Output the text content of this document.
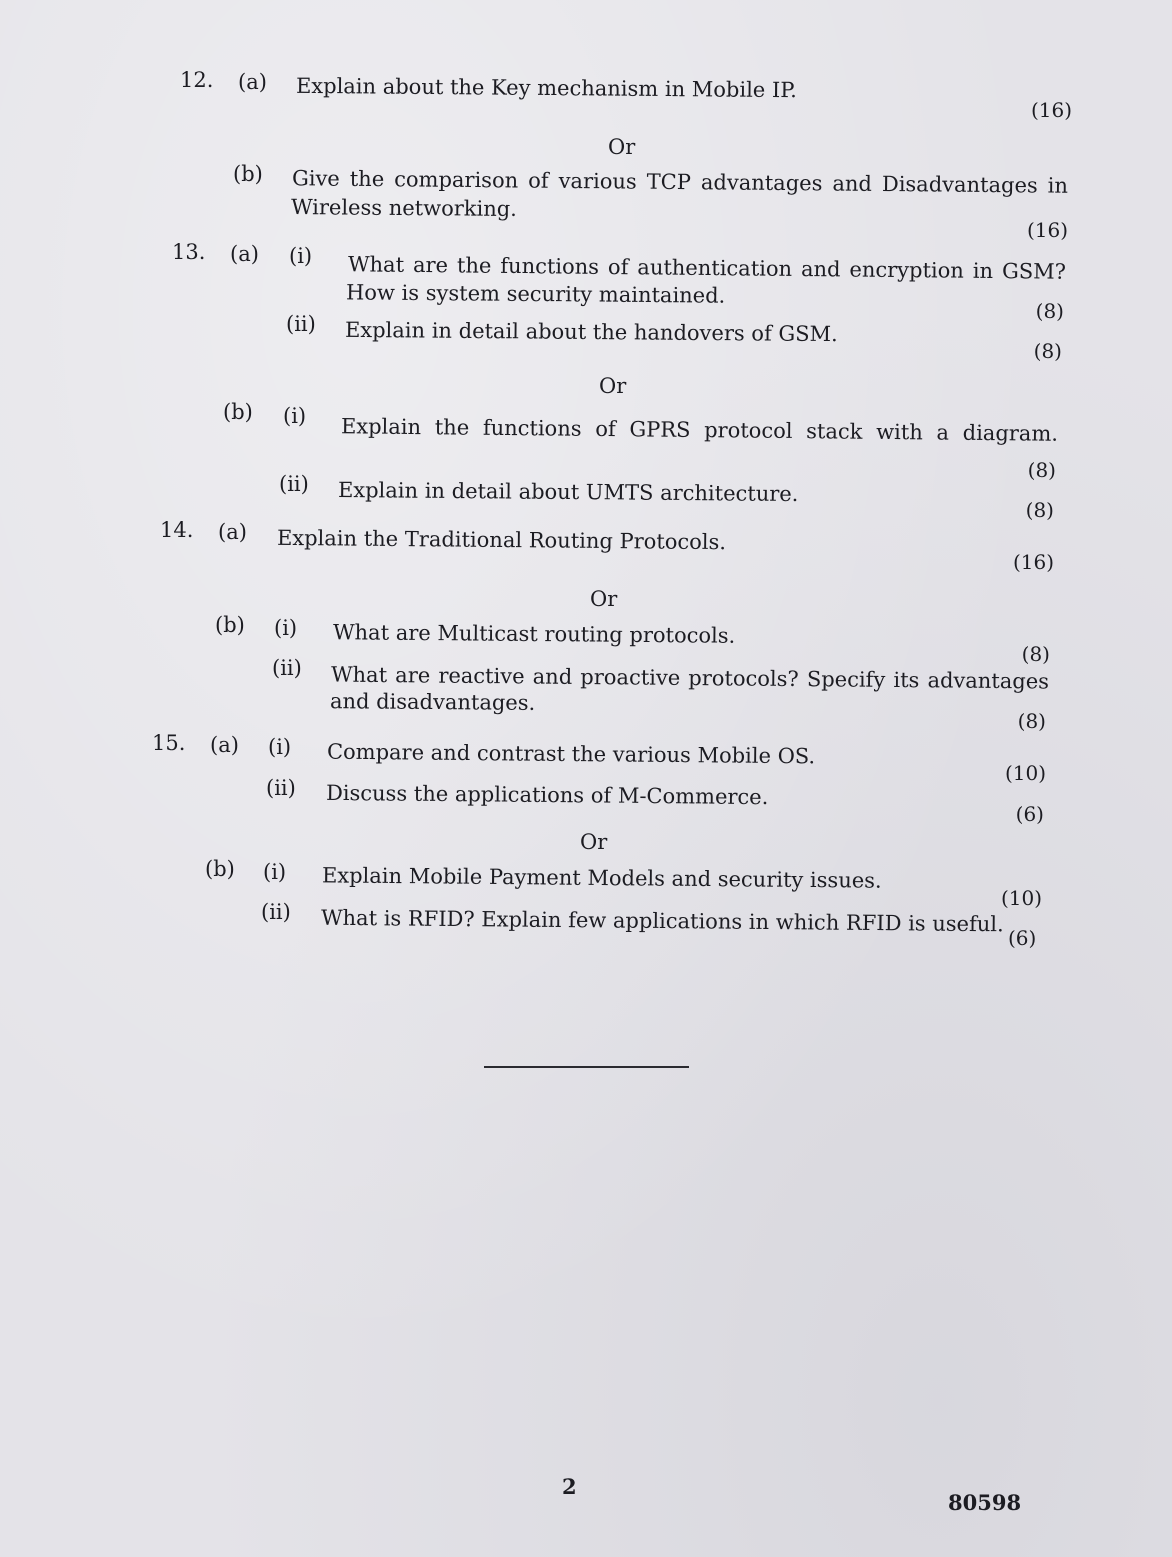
12. (a) Explain about the Key mechanism in Mobile IP.
(16)
Or
(b) Give the comparison of various TCP advantages and Disadvantages in
Wireless networking.
(16)
13. (a) (i) What are the functions of authentication and encryption in GSM?
How is system security maintained.
(8)
(ii) Explain in detail about the handovers of GSM.
(8)
Or
(b) (i) Explain the functions of GPRS protocol stack with a diagram.
(8)
(ii) Explain in detail about UMTS architecture.
(8)
14. (a) Explain the Traditional Routing Protocols.
(16)
Or
(b) (i) What are Multicast routing protocols.
(8)
(ii) What are reactive and proactive protocols? Specify its advantages
and disadvantages.
(8)
15. (a) (i) Compare and contrast the various Mobile OS.
(10)
(ii) Discuss the applications of M-Commerce.
(6)
Or
(b) (i) Explain Mobile Payment Models and security issues.
(10)
(ii) What is RFID? Explain few applications in which RFID is useful.
(6)
2
80598
